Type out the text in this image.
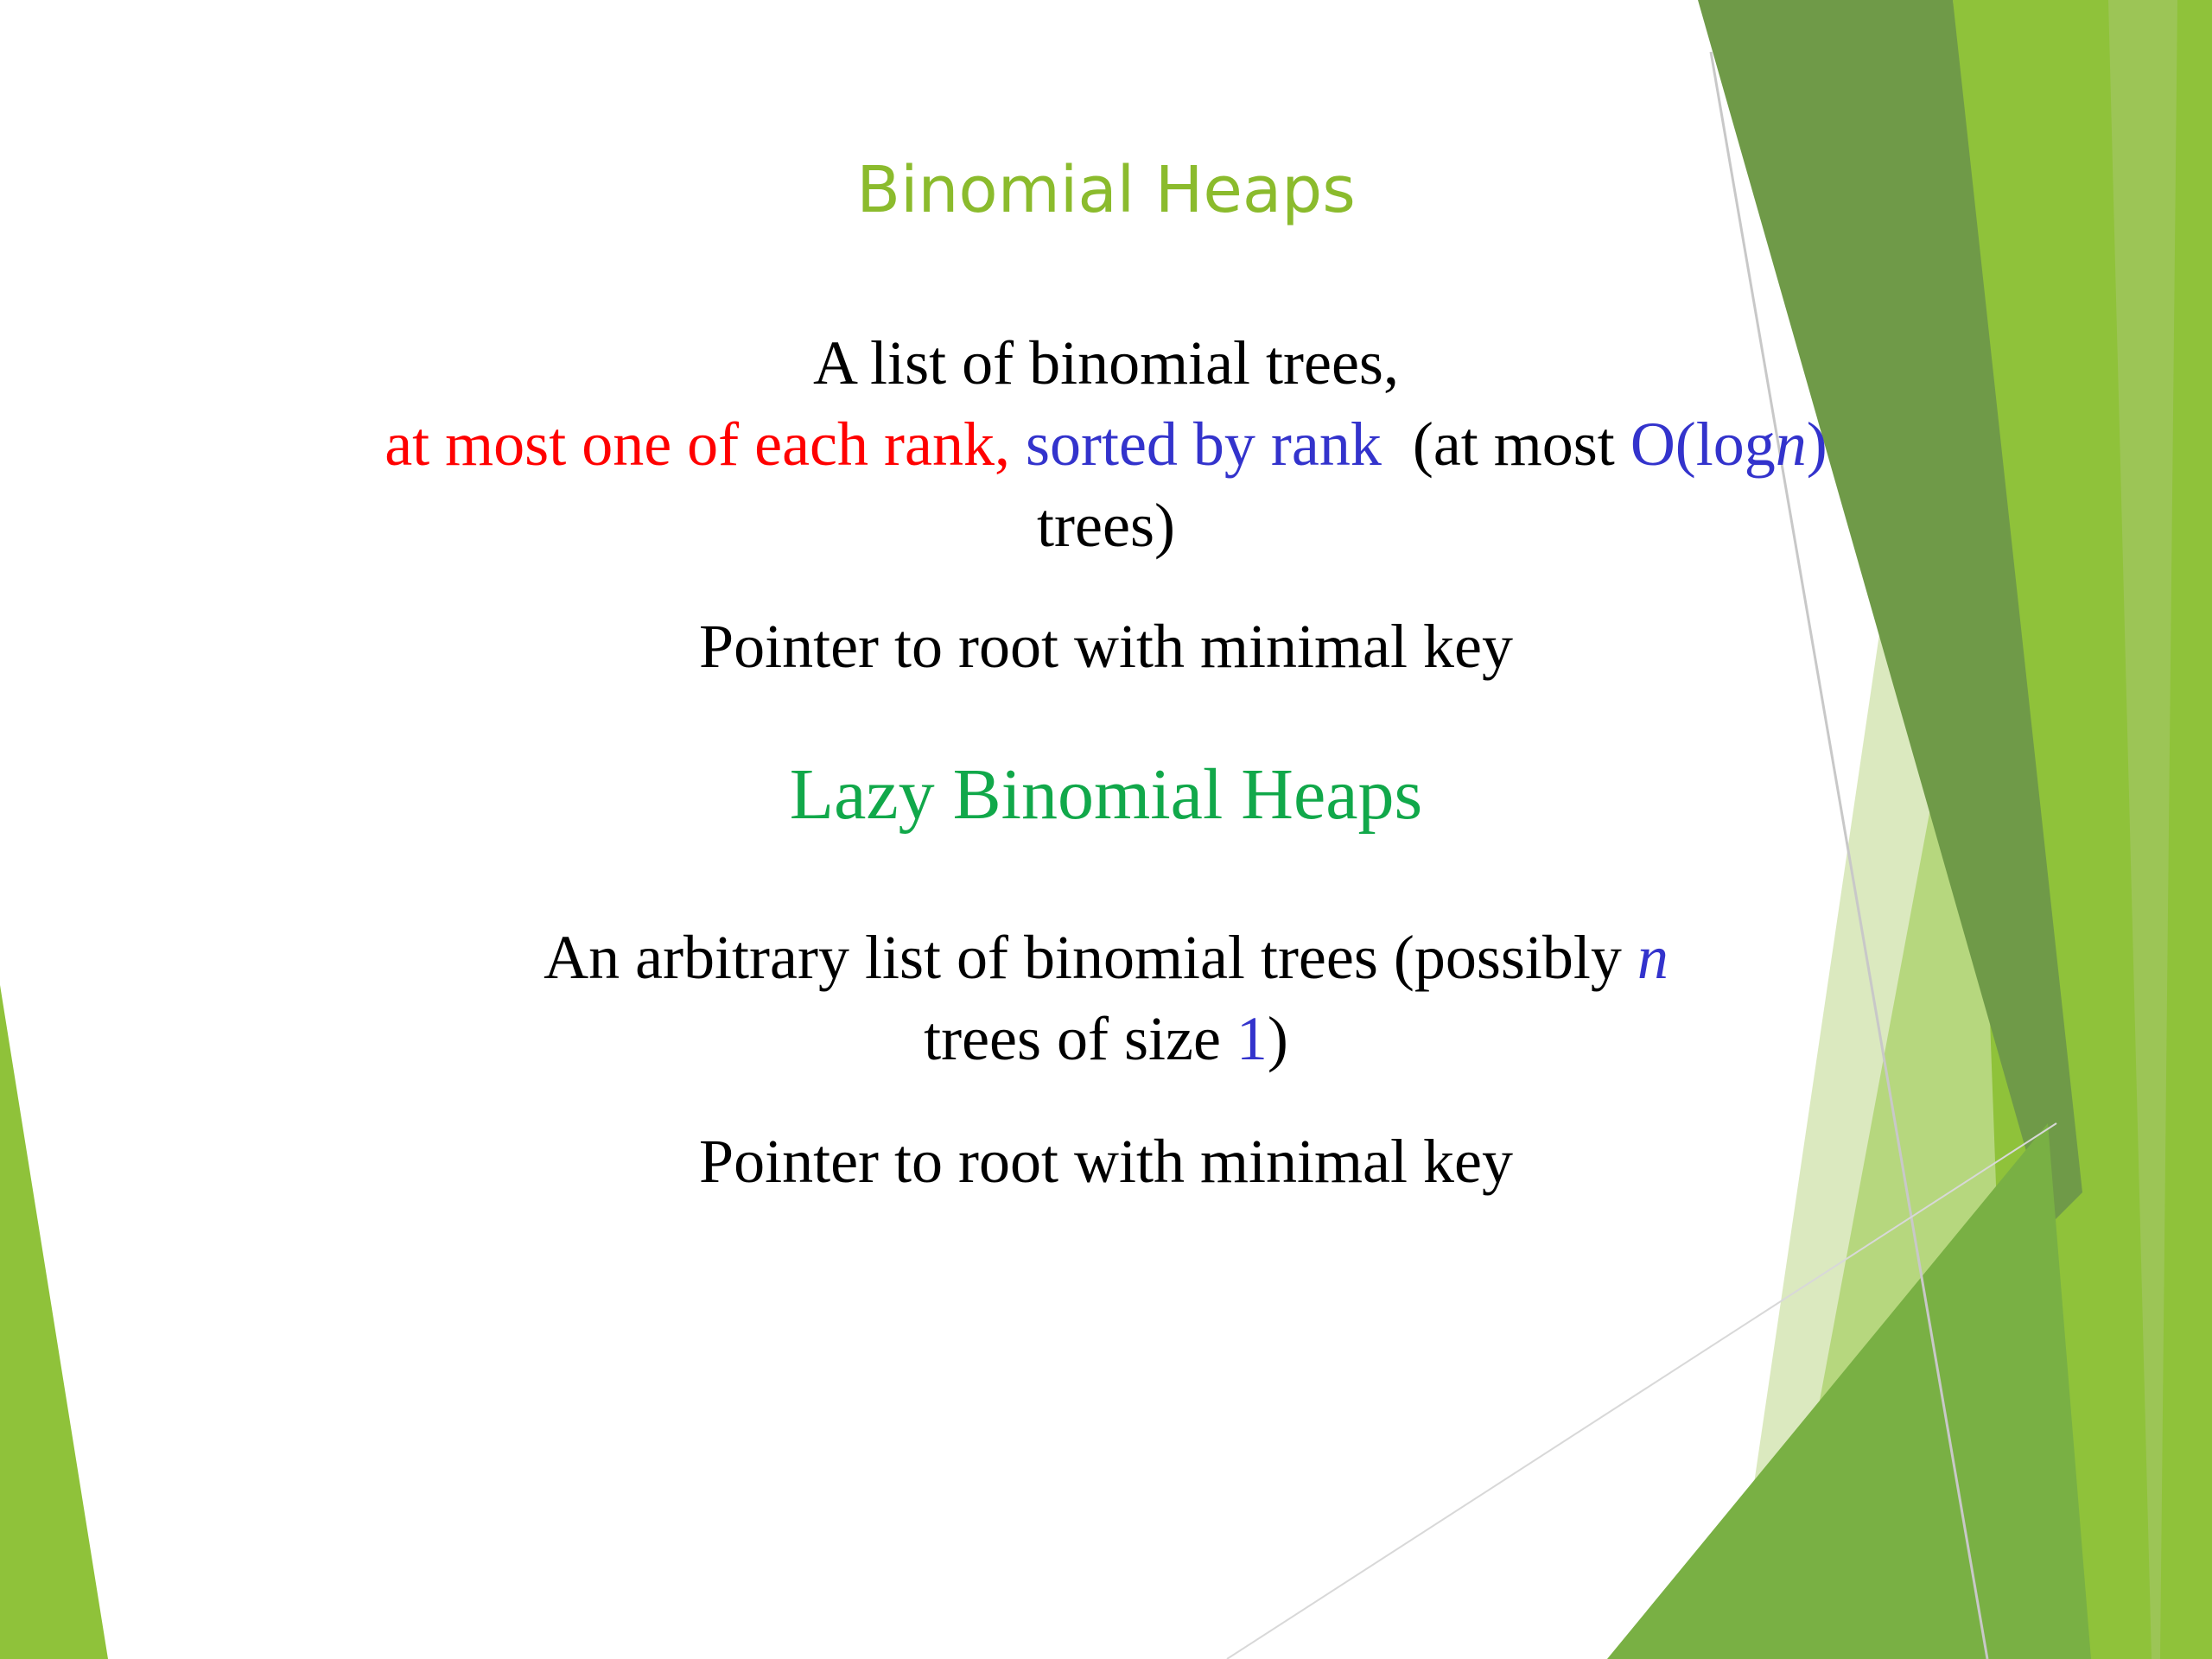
Binomial Heaps
A list of binomial trees,
at most one of each rank, sorted by rank (at most O(logn)
trees)
Pointer to root with minimal key
Lazy Binomial Heaps
An arbitrary list of binomial trees (possibly n
trees of size 1)
Pointer to root with minimal key
